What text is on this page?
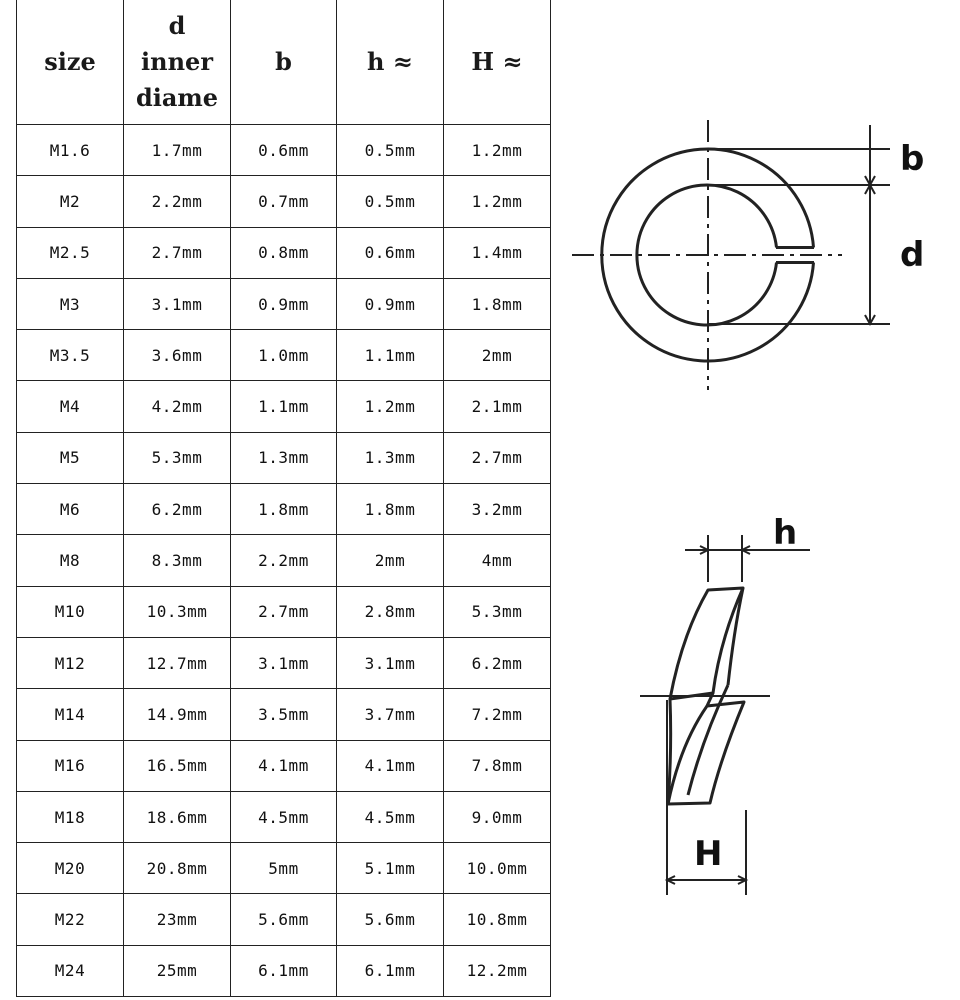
size	d
inner
diame	b	h ≈	H ≈

M1.6	1.7mm	0.6mm	0.5mm	1.2mm
M2	2.2mm	0.7mm	0.5mm	1.2mm
M2.5	2.7mm	0.8mm	0.6mm	1.4mm
M3	3.1mm	0.9mm	0.9mm	1.8mm
M3.5	3.6mm	1.0mm	1.1mm	2mm
M4	4.2mm	1.1mm	1.2mm	2.1mm
M5	5.3mm	1.3mm	1.3mm	2.7mm
M6	6.2mm	1.8mm	1.8mm	3.2mm
M8	8.3mm	2.2mm	2mm	4mm
M10	10.3mm	2.7mm	2.8mm	5.3mm
M12	12.7mm	3.1mm	3.1mm	6.2mm
M14	14.9mm	3.5mm	3.7mm	7.2mm
M16	16.5mm	4.1mm	4.1mm	7.8mm
M18	18.6mm	4.5mm	4.5mm	9.0mm
M20	20.8mm	5mm	5.1mm	10.0mm
M22	23mm	5.6mm	5.6mm	10.8mm
M24	25mm	6.1mm	6.1mm	12.2mm
b
d
h
H
